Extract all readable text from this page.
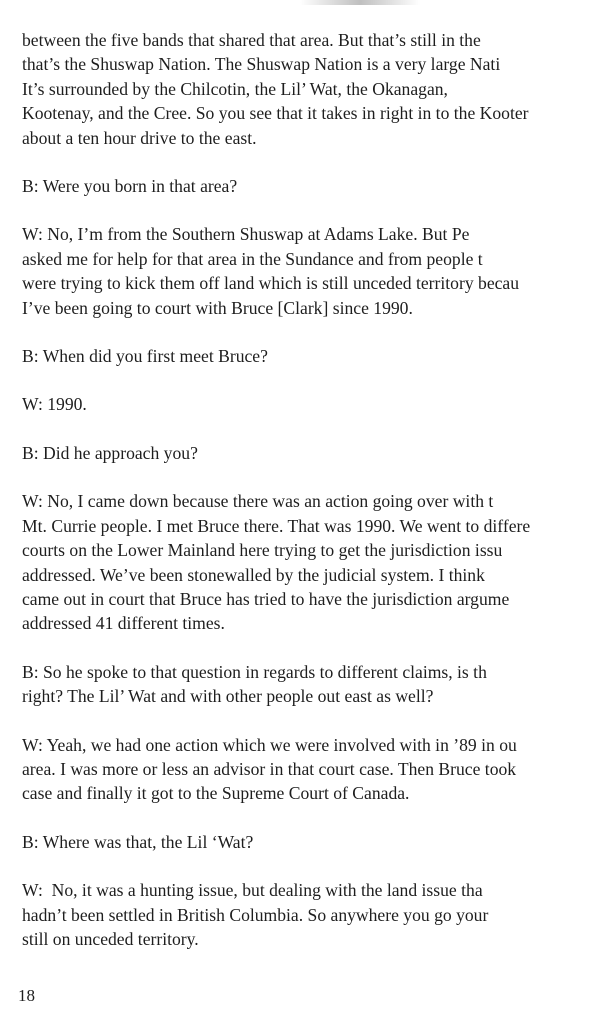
between the five bands that shared that area. But that’s still in the
that’s the Shuswap Nation. The Shuswap Nation is a very large Nati
It’s surrounded by the Chilcotin, the Lil’ Wat, the Okanagan,
Kootenay, and the Cree. So you see that it takes in right in to the Kooter
about a ten hour drive to the east.

B: Were you born in that area?

W: No, I’m from the Southern Shuswap at Adams Lake. But Pe
asked me for help for that area in the Sundance and from people t
were trying to kick them off land which is still unceded territory becau
I’ve been going to court with Bruce [Clark] since 1990.

B: When did you first meet Bruce?

W: 1990.

B: Did he approach you?

W: No, I came down because there was an action going over with t
Mt. Currie people. I met Bruce there. That was 1990. We went to differe
courts on the Lower Mainland here trying to get the jurisdiction issu
addressed. We’ve been stonewalled by the judicial system. I think
came out in court that Bruce has tried to have the jurisdiction argume
addressed 41 different times.

B: So he spoke to that question in regards to different claims, is th
right? The Lil’ Wat and with other people out east as well?

W: Yeah, we had one action which we were involved with in ’89 in ou
area. I was more or less an advisor in that court case. Then Bruce took
case and finally it got to the Supreme Court of Canada.

B: Where was that, the Lil ‘Wat?

W:  No, it was a hunting issue, but dealing with the land issue tha
hadn’t been settled in British Columbia. So anywhere you go your
still on unceded territory.

18
